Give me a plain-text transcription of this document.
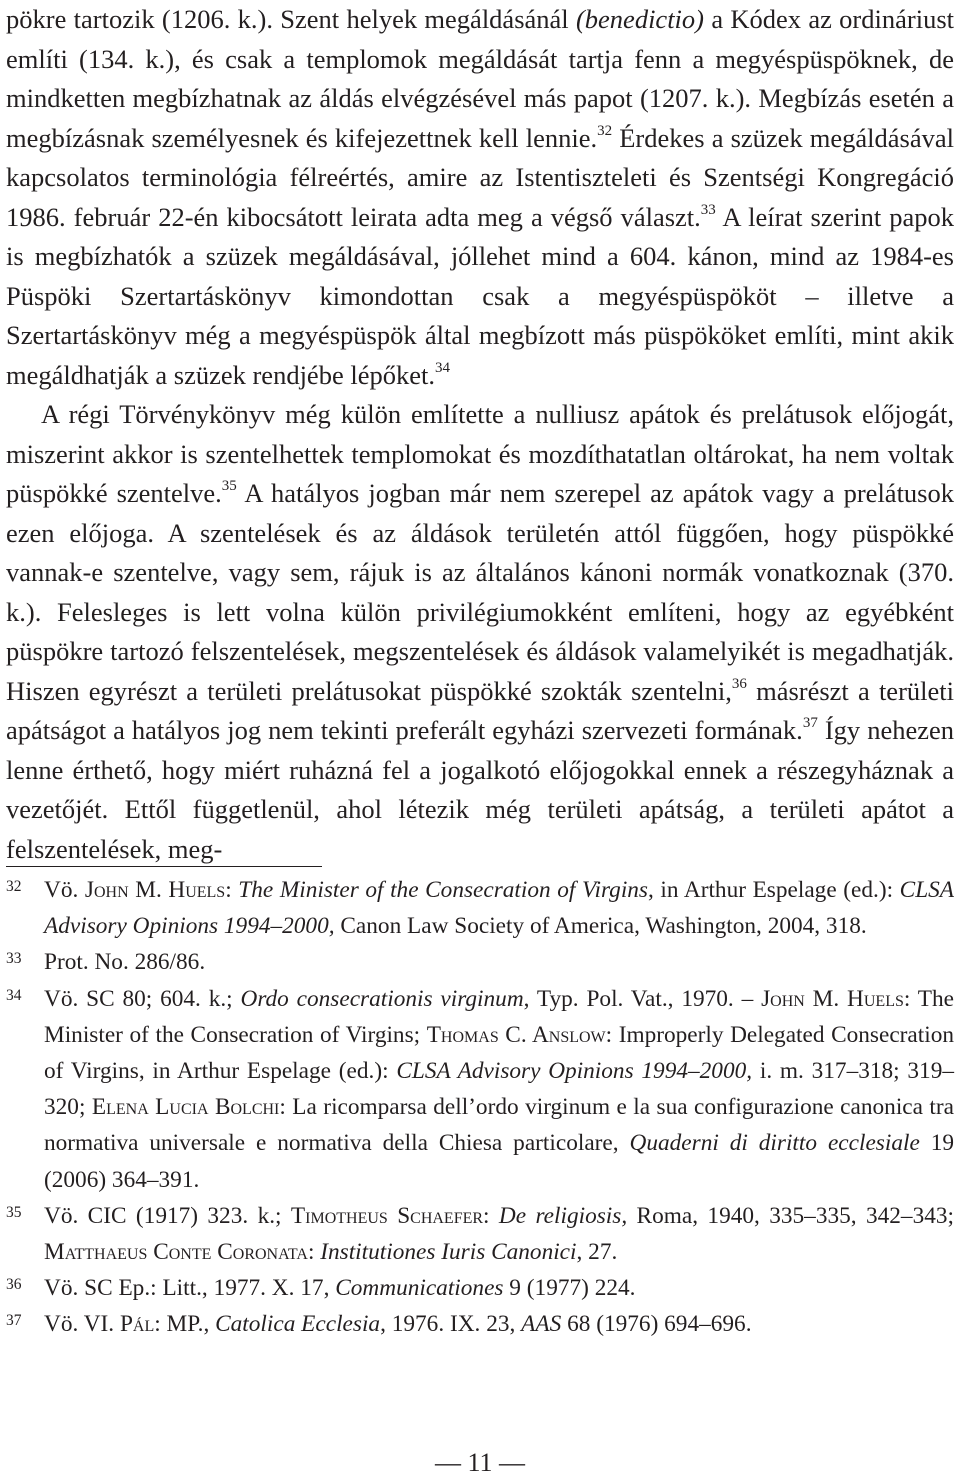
pökre tartozik (1206. k.). Szent helyek megáldásánál (benedictio) a Kódex az ordináriust említi (134. k.), és csak a templomok megáldását tartja fenn a megyéspüspöknek, de mindketten megbízhatnak az áldás elvégzésével más papot (1207. k.). Megbízás esetén a megbízásnak személyesnek és kifejezettnek kell lennie.$^{32}$ Érdekes a szüzek megáldásával kapcsolatos terminológia félreértés, amire az Istentiszteleti és Szentségi Kongregáció 1986. február 22-én kibocsátott leirata adta meg a végső választ.$^{33}$ A leírat szerint papok is megbízhatók a szüzek megáldásával, jóllehet mind a 604. kánon, mind az 1984-es Püspöki Szertartáskönyv kimondottan csak a megyéspüspököt – illetve a Szertartáskönyv még a megyéspüspök által megbízott más püspököket említi, mint akik megáldhatják a szüzek rendjébe lépőket.$^{34}$

A régi Törvénykönyv még külön említette a nulliusz apátok és prelátusok előjogát, miszerint akkor is szentelhettek templomokat és mozdíthatatlan oltárokat, ha nem voltak püspökké szentelve.$^{35}$ A hatályos jogban már nem szerepel az apátok vagy a prelátusok ezen előjoga. A szentelések és az áldások területén attól függően, hogy püspökké vannak-e szentelve, vagy sem, rájuk is az általános kánoni normák vonatkoznak (370. k.). Felesleges is lett volna külön privilégiumokként említeni, hogy az egyébként püspökre tartozó felszentelések, megszentelések és áldások valamelyikét is megadhatják. Hiszen egyrészt a területi prelátusokat püspökké szokták szentelni,$^{36}$ másrészt a területi apátságot a hatályos jog nem tekinti preferált egyházi szervezeti formának.$^{37}$ Így nehezen lenne érthető, hogy miért ruházná fel a jogalkotó előjogokkal ennek a részegyháznak a vezetőjét. Ettől függetlenül, ahol létezik még területi apátság, a területi apátot a felszentelések, meg-

32 Vö. John M. Huels: The Minister of the Consecration of Virgins, in Arthur Espelage (ed.): CLSA Advisory Opinions 1994–2000, Canon Law Society of America, Washington, 2004, 318.
33 Prot. No. 286/86.
34 Vö. SC 80; 604. k.; Ordo consecrationis virginum, Typ. Pol. Vat., 1970. – John M. Huels: The Minister of the Consecration of Virgins; Thomas C. Anslow: Improperly Delegated Consecration of Virgins, in Arthur Espelage (ed.): CLSA Advisory Opinions 1994–2000, i. m. 317–318; 319–320; Elena Lucia Bolchi: La ricomparsa dell’ordo virginum e la sua configurazione canonica tra normativa universale e normativa della Chiesa particolare, Quaderni di diritto ecclesiale 19 (2006) 364–391.
35 Vö. CIC (1917) 323. k.; Timotheus Schaefer: De religiosis, Roma, 1940, 335–335, 342–343; Matthaeus Conte Coronata: Institutiones Iuris Canonici, 27.
36 Vö. SC Ep.: Litt., 1977. X. 17, Communicationes 9 (1977) 224.
37 Vö. VI. Pál: MP., Catolica Ecclesia, 1976. IX. 23, AAS 68 (1976) 694–696.
— 11 —
